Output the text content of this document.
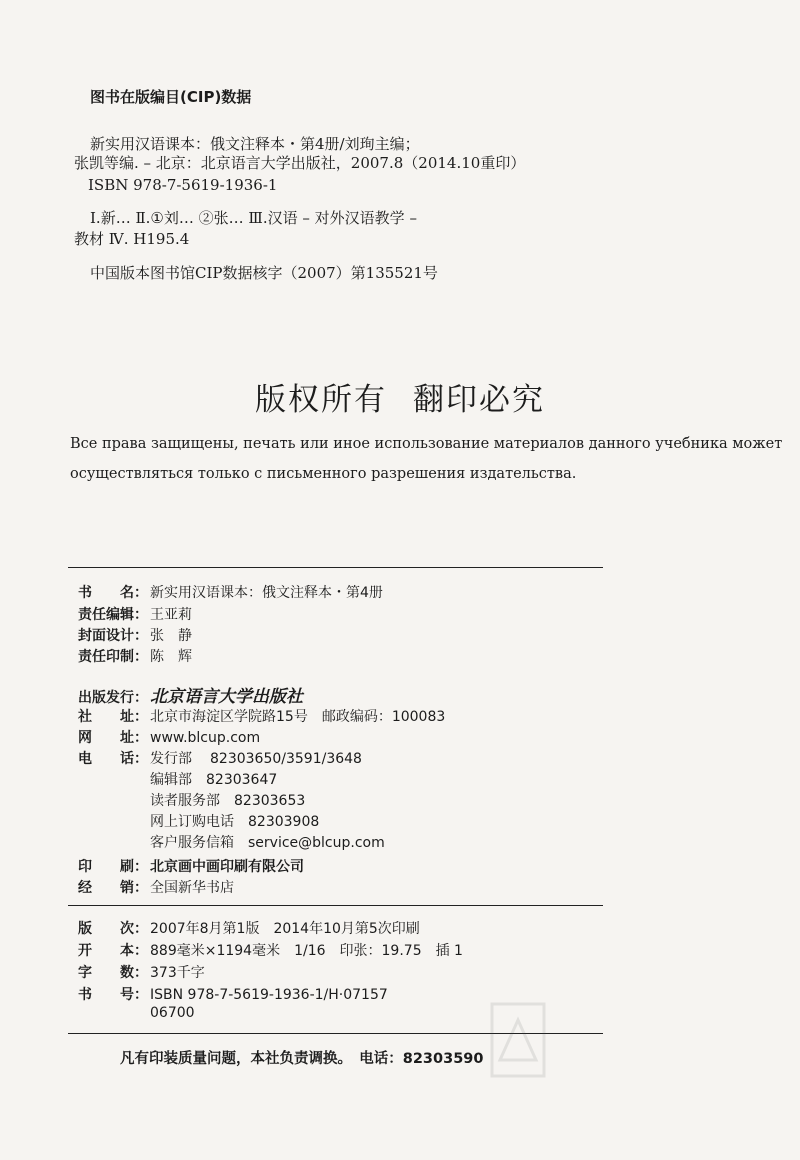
图书在版编目(CIP)数据
新实用汉语课本：俄文注释本・第4册/刘珣主编；
张凯等编. – 北京：北京语言大学出版社，2007.8（2014.10重印）
ISBN 978-7-5619-1936-1
Ⅰ.新… Ⅱ.①刘… ②张… Ⅲ.汉语 – 对外汉语教学 –
教材 Ⅳ. H195.4
中国版本图书馆CIP数据核字（2007）第135521号
版权所有 翻印必究
Все права защищены, печать или иное использование материалов данного учебника может
осуществляться только с письменного разрешения издательства.
书　　名： 新实用汉语课本：俄文注释本・第4册
责任编辑： 王亚莉
封面设计： 张　静
责任印制： 陈　辉
出版发行： 北京语言大学出版社
社　　址： 北京市海淀区学院路15号　邮政编码：100083
网　　址： www.blcup.com
电　　话： 发行部 82303650/3591/3648
编辑部 82303647
读者服务部 82303653
网上订购电话 82303908
客户服务信箱 service@blcup.com
印　　刷： 北京画中画印刷有限公司
经　　销： 全国新华书店
版　　次： 2007年8月第1版　2014年10月第5次印刷
开　　本： 889毫米×1194毫米　1/16　印张：19.75　插 1
字　　数： 373千字
书　　号： ISBN 978-7-5619-1936-1/H·07157
06700
凡有印装质量问题，本社负责调换。　电话：82303590
